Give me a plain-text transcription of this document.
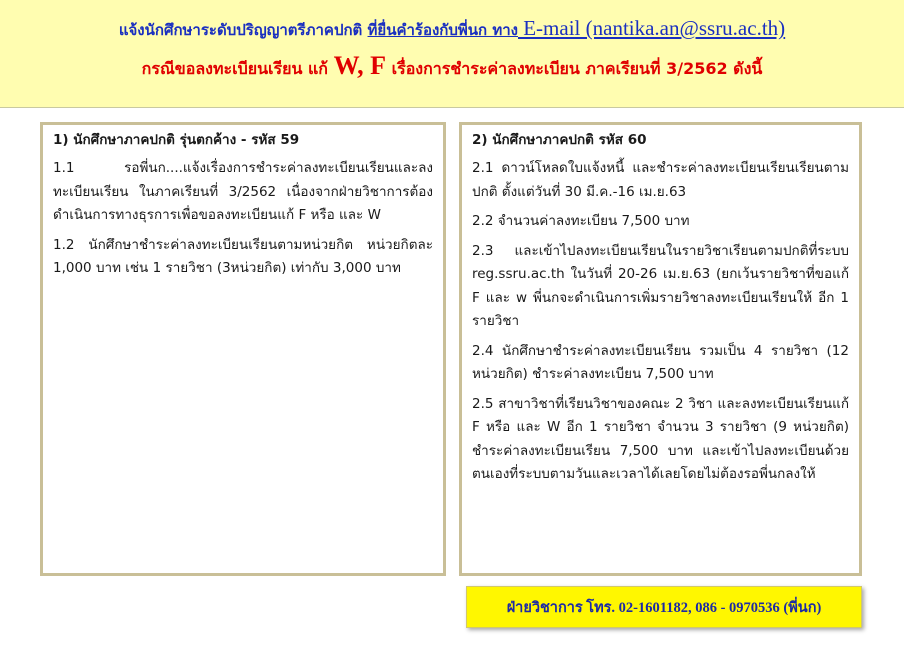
แจ้งนักศึกษาระดับปริญญาตรีภาคปกติ ที่ยื่นคำร้องกับพี่นก ทาง E-mail (nantika.an@ssru.ac.th)
กรณีขอลงทะเบียนเรียน แก้ W, F เรื่องการชำระค่าลงทะเบียน ภาคเรียนที่ 3/2562 ดังนี้
1) นักศึกษาภาคปกติ รุ่นตกค้าง - รหัส 59

1.1 รอพี่นก....แจ้งเรื่องการชำระค่าลงทะเบียนเรียนและลงทะเบียนเรียน ในภาคเรียนที่ 3/2562 เนื่องจากฝ่ายวิชาการต้องดำเนินการทางธุรการเพื่อขอลงทะเบียนแก้ F หรือ และ W

1.2 นักศึกษาชำระค่าลงทะเบียนเรียนตามหน่วยกิต หน่วยกิตละ 1,000 บาท เช่น 1 รายวิชา (3หน่วยกิต) เท่ากับ 3,000 บาท

2) นักศึกษาภาคปกติ รหัส 60

2.1 ดาวน์โหลดใบแจ้งหนี้ และชำระค่าลงทะเบียนเรียนเรียนตามปกติ ตั้งแต่วันที่ 30 มี.ค.-16 เม.ย.63

2.2 จำนวนค่าลงทะเบียน 7,500 บาท

2.3 และเข้าไปลงทะเบียนเรียนในรายวิชาเรียนตามปกติที่ระบบ reg.ssru.ac.th ในวันที่ 20-26 เม.ย.63 (ยกเว้นรายวิชาที่ขอแก้ F และ w พี่นกจะดำเนินการเพิ่มรายวิชาลงทะเบียนเรียนให้ อีก 1 รายวิชา

2.4 นักศึกษาชำระค่าลงทะเบียนเรียน รวมเป็น 4 รายวิชา (12 หน่วยกิต) ชำระค่าลงทะเบียน 7,500 บาท

2.5 สาขาวิชาที่เรียนวิชาของคณะ 2 วิชา และลงทะเบียนเรียนแก้ F หรือ และ W อีก 1 รายวิชา จำนวน 3 รายวิชา (9 หน่วยกิต) ชำระค่าลงทะเบียนเรียน 7,500 บาท และเข้าไปลงทะเบียนด้วยตนเองที่ระบบตามวันและเวลาได้เลยโดยไม่ต้องรอพี่นกลงให้

ฝ่ายวิชาการ โทร. 02-1601182, 086 - 0970536 (พี่นก)
